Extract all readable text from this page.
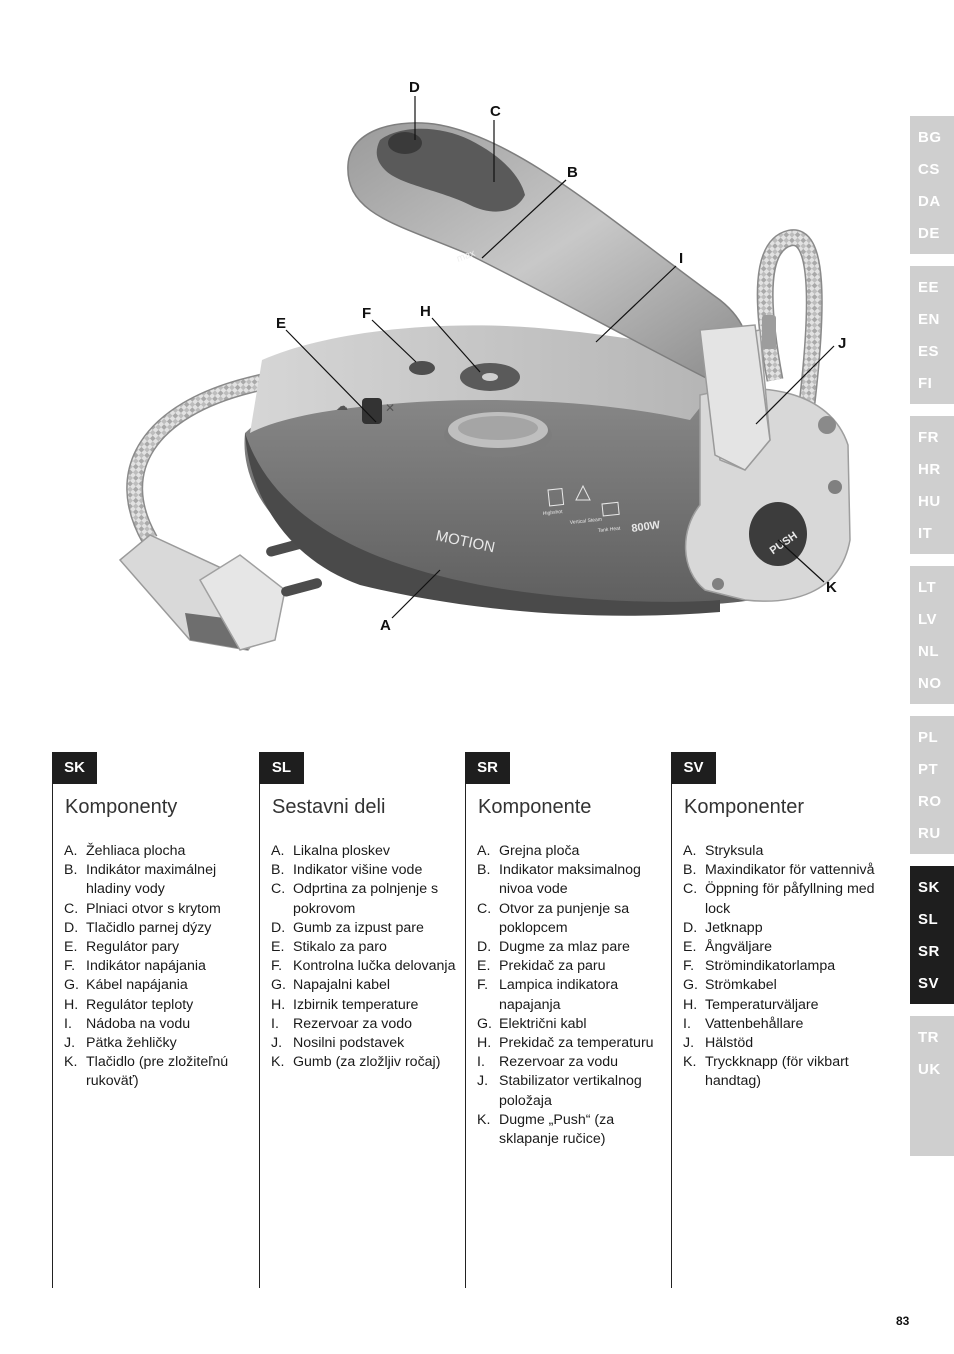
☁	✕
MOTION
800W
Highshot
Vertical Steam
Tank Heat	PUSH
max
D
C
B
I
J
K
A
E
F	H
BG
CS
DA
DE
EE
EN
ES
FI
FR
HR
HU
IT
LT
LV
NL
NO
PL
PT
RO
RU
SK
SL
SR
SV
TR
UK
SK
Komponenty
A. Žehliaca plocha
B. Indikátor maximálnej hladiny vody
C. Plniaci otvor s krytom
D. Tlačidlo parnej dýzy
E. Regulátor pary
F. Indikátor napájania
G. Kábel napájania
H. Regulátor teploty
I. Nádoba na vodu
J. Pätka žehličky
K. Tlačidlo (pre zložiteľnú rukoväť)
SL
Sestavni deli
A. Likalna ploskev
B. Indikator višine vode
C. Odprtina za polnjenje s pokrovom
D. Gumb za izpust pare
E. Stikalo za paro
F. Kontrolna lučka delovanja
G. Napajalni kabel
H. Izbirnik temperature
I. Rezervoar za vodo
J. Nosilni podstavek
K. Gumb (za zložljiv ročaj)
SR
Komponente
A. Grejna ploča
B. Indikator maksimalnog nivoa vode
C. Otvor za punjenje sa poklopcem
D. Dugme za mlaz pare
E. Prekidač za paru
F. Lampica indikatora napajanja
G. Električni kabl
H. Prekidač za temperaturu
I. Rezervoar za vodu
J. Stabilizator vertikalnog položaja
K. Dugme „Push“ (za sklapanje ručice)
SV
Komponenter
A. Stryksula
B. Maxindikator för vattennivå
C. Öppning för påfyllning med lock
D. Jetknapp
E. Ångväljare
F. Strömindikatorlampa
G. Strömkabel
H. Temperaturväljare
I. Vattenbehållare
J. Hälstöd
K. Tryckknapp (för vikbart handtag)
83
